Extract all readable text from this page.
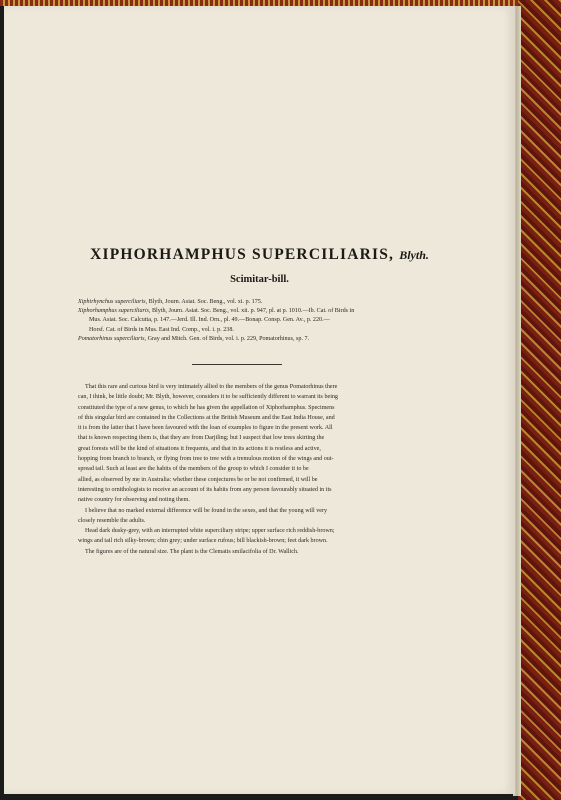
XIPHORHAMPHUS SUPERCILIARIS, Blyth.
Scimitar-bill.
Xiphirhynchus superciliaris, Blyth, Journ. Asiat. Soc. Beng., vol. xi. p. 175.
Xiphorhamphus superciliaris, Blyth, Journ. Asiat. Soc. Beng., vol. xii. p. 947, pl. at p. 1010.—Ib. Cat. of Birds in
Mus. Asiat. Soc. Calcutta, p. 147.—Jerd. Ill. Ind. Orn., pl. 49.—Bonap. Consp. Gen. Av., p. 220.—
Horsf. Cat. of Birds in Mus. East Ind. Comp., vol. i. p. 238.
Pomatorhinus superciliaris, Gray and Mitch. Gen. of Birds, vol. i. p. 229, Pomatorhinus, sp. 7.
That this rare and curious bird is very intimately allied to the members of the genus Pomatorhinus there
can, I think, be little doubt; Mr. Blyth, however, considers it to be sufficiently different to warrant its being
constituted the type of a new genus, to which he has given the appellation of Xiphorhamphus. Specimens
of this singular bird are contained in the Collections at the British Museum and the East India House, and
it is from the latter that I have been favoured with the loan of examples to figure in the present work. All
that is known respecting them is, that they are from Darjiling; but I suspect that low trees skirting the
great forests will be the kind of situations it frequents, and that in its actions it is restless and active,
hopping from branch to branch, or flying from tree to tree with a tremulous motion of the wings and out-
spread tail. Such at least are the habits of the members of the group to which I consider it to be
allied, as observed by me in Australia: whether these conjectures be or be not confirmed, it will be
interesting to ornithologists to receive an account of its habits from any person favourably situated in its
native country for observing and noting them.
I believe that no marked external difference will be found in the sexes, and that the young will very
closely resemble the adults.
Head dark dusky-grey, with an interrupted white superciliary stripe; upper surface rich reddish-brown;
wings and tail rich silky-brown; chin grey; under surface rufous; bill blackish-brown; feet dark brown.
The figures are of the natural size. The plant is the Clematis smilacifolia of Dr. Wallich.
